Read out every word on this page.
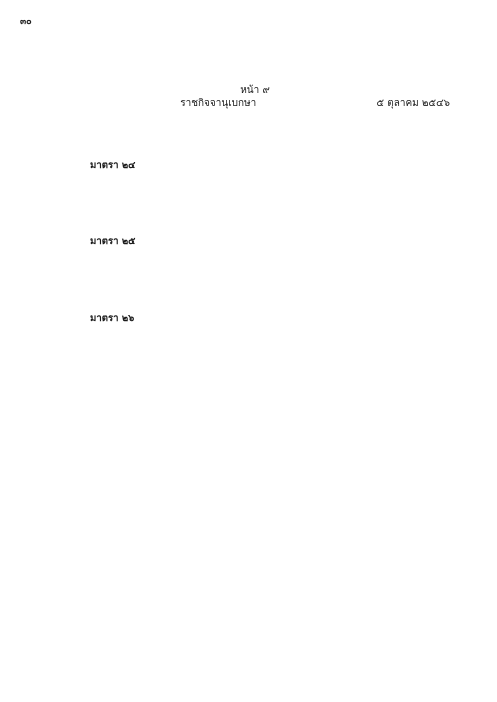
๓๐
หน้า ๙
ราชกิจจานุเบกษา	๕ ตุลาคม ๒๕๔๖

มาตรา ๒๔

มาตรา ๒๕

มาตรา ๒๖
